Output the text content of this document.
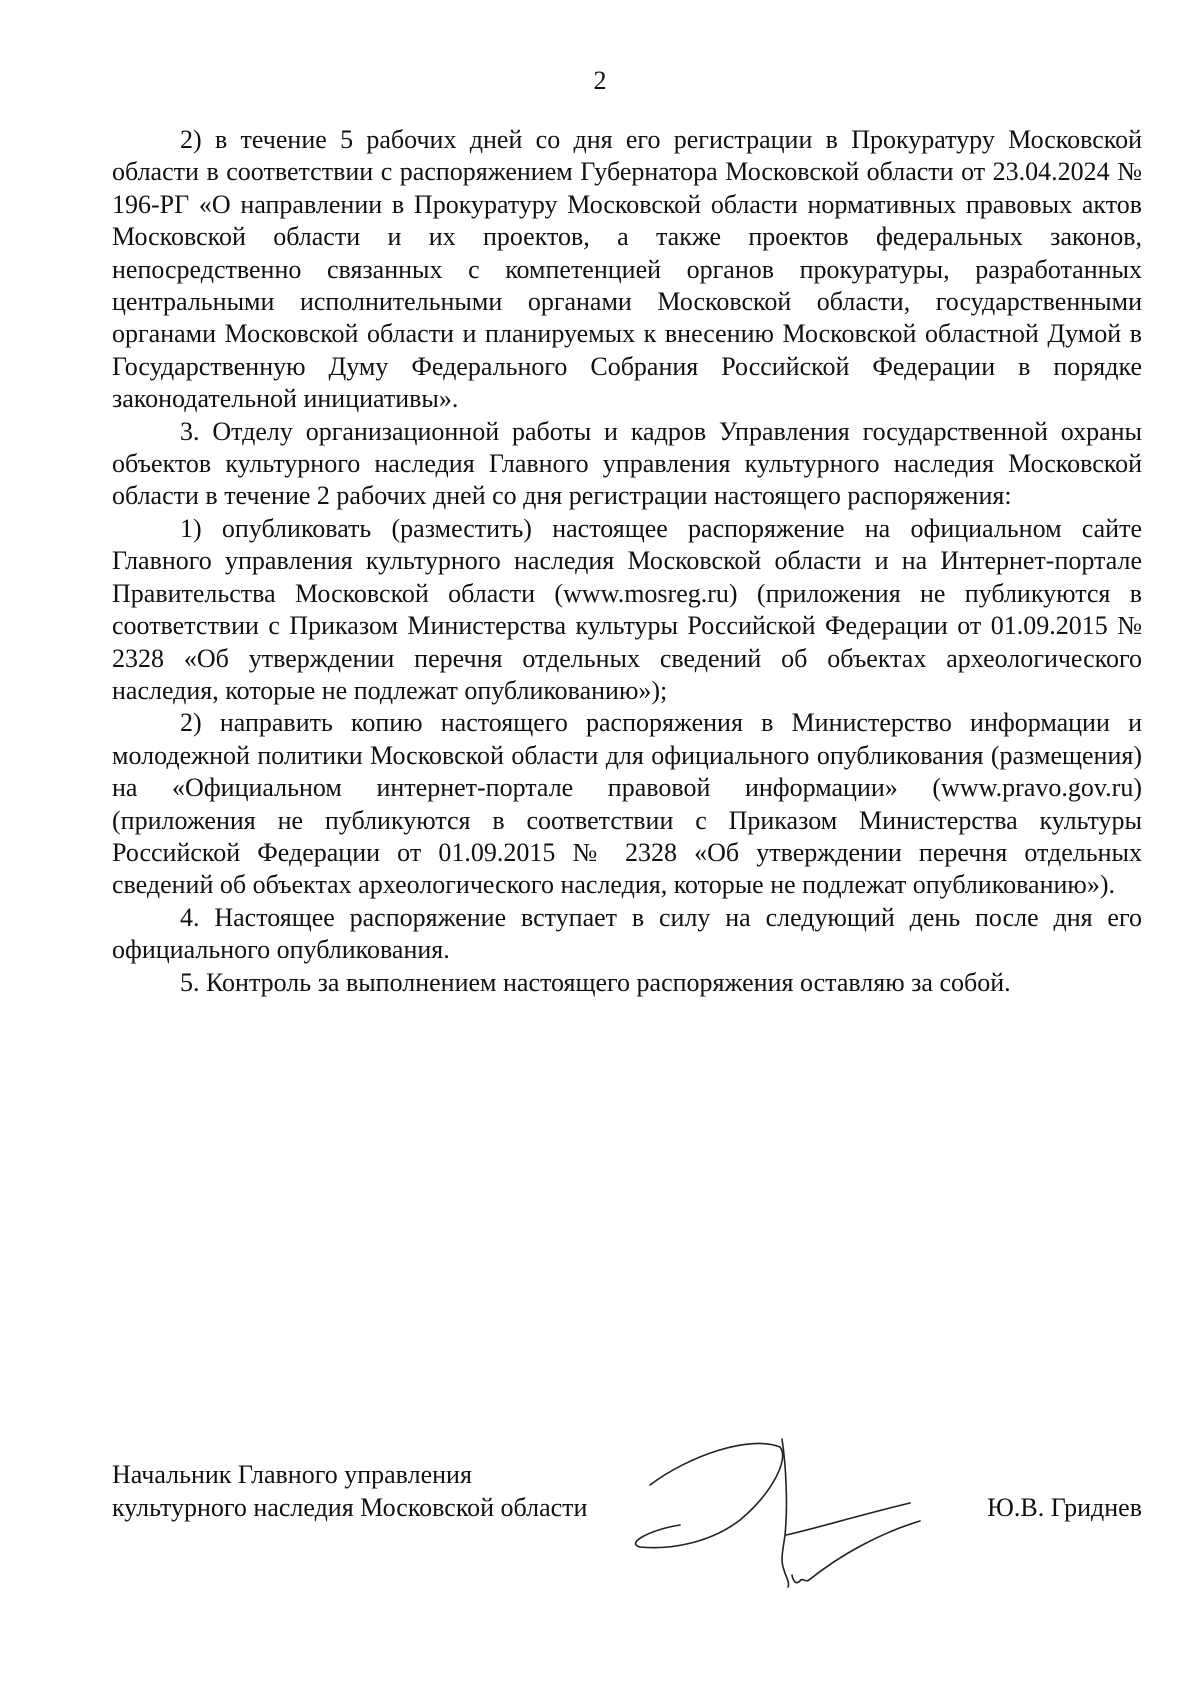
2

2) в течение 5 рабочих дней со дня его регистрации в Прокуратуру Московской области в соответствии с распоряжением Губернатора Московской области от 23.04.2024 № 196-РГ «О направлении в Прокуратуру Московской области нормативных правовых актов Московской области и их проектов, а также проектов федеральных законов, непосредственно связанных с компетенцией органов прокуратуры, разработанных центральными исполнительными органами Московской области, государственными органами Московской области и планируемых к внесению Московской областной Думой в Государственную Думу Федерального Собрания Российской Федерации в порядке законодательной инициативы».

3. Отделу организационной работы и кадров Управления государственной охраны объектов культурного наследия Главного управления культурного наследия Московской области в течение 2 рабочих дней со дня регистрации настоящего распоряжения:

1) опубликовать (разместить) настоящее распоряжение на официальном сайте Главного управления культурного наследия Московской области и на Интернет-портале Правительства Московской области (www.mosreg.ru) (приложения не публикуются в соответствии с Приказом Министерства культуры Российской Федерации от 01.09.2015 № 2328 «Об утверждении перечня отдельных сведений об объектах археологического наследия, которые не подлежат опубликованию»);

2) направить копию настоящего распоряжения в Министерство информации и молодежной политики Московской области для официального опубликования (размещения) на «Официальном интернет-портале правовой информации» (www.pravo.gov.ru) (приложения не публикуются в соответствии с Приказом Министерства культуры Российской Федерации от 01.09.2015 № 2328 «Об утверждении перечня отдельных сведений об объектах археологического наследия, которые не подлежат опубликованию»).

4. Настоящее распоряжение вступает в силу на следующий день после дня его официального опубликования.

5. Контроль за выполнением настоящего распоряжения оставляю за собой.

Начальник Главного управления
культурного наследия Московской области	Ю.В. Гриднев
